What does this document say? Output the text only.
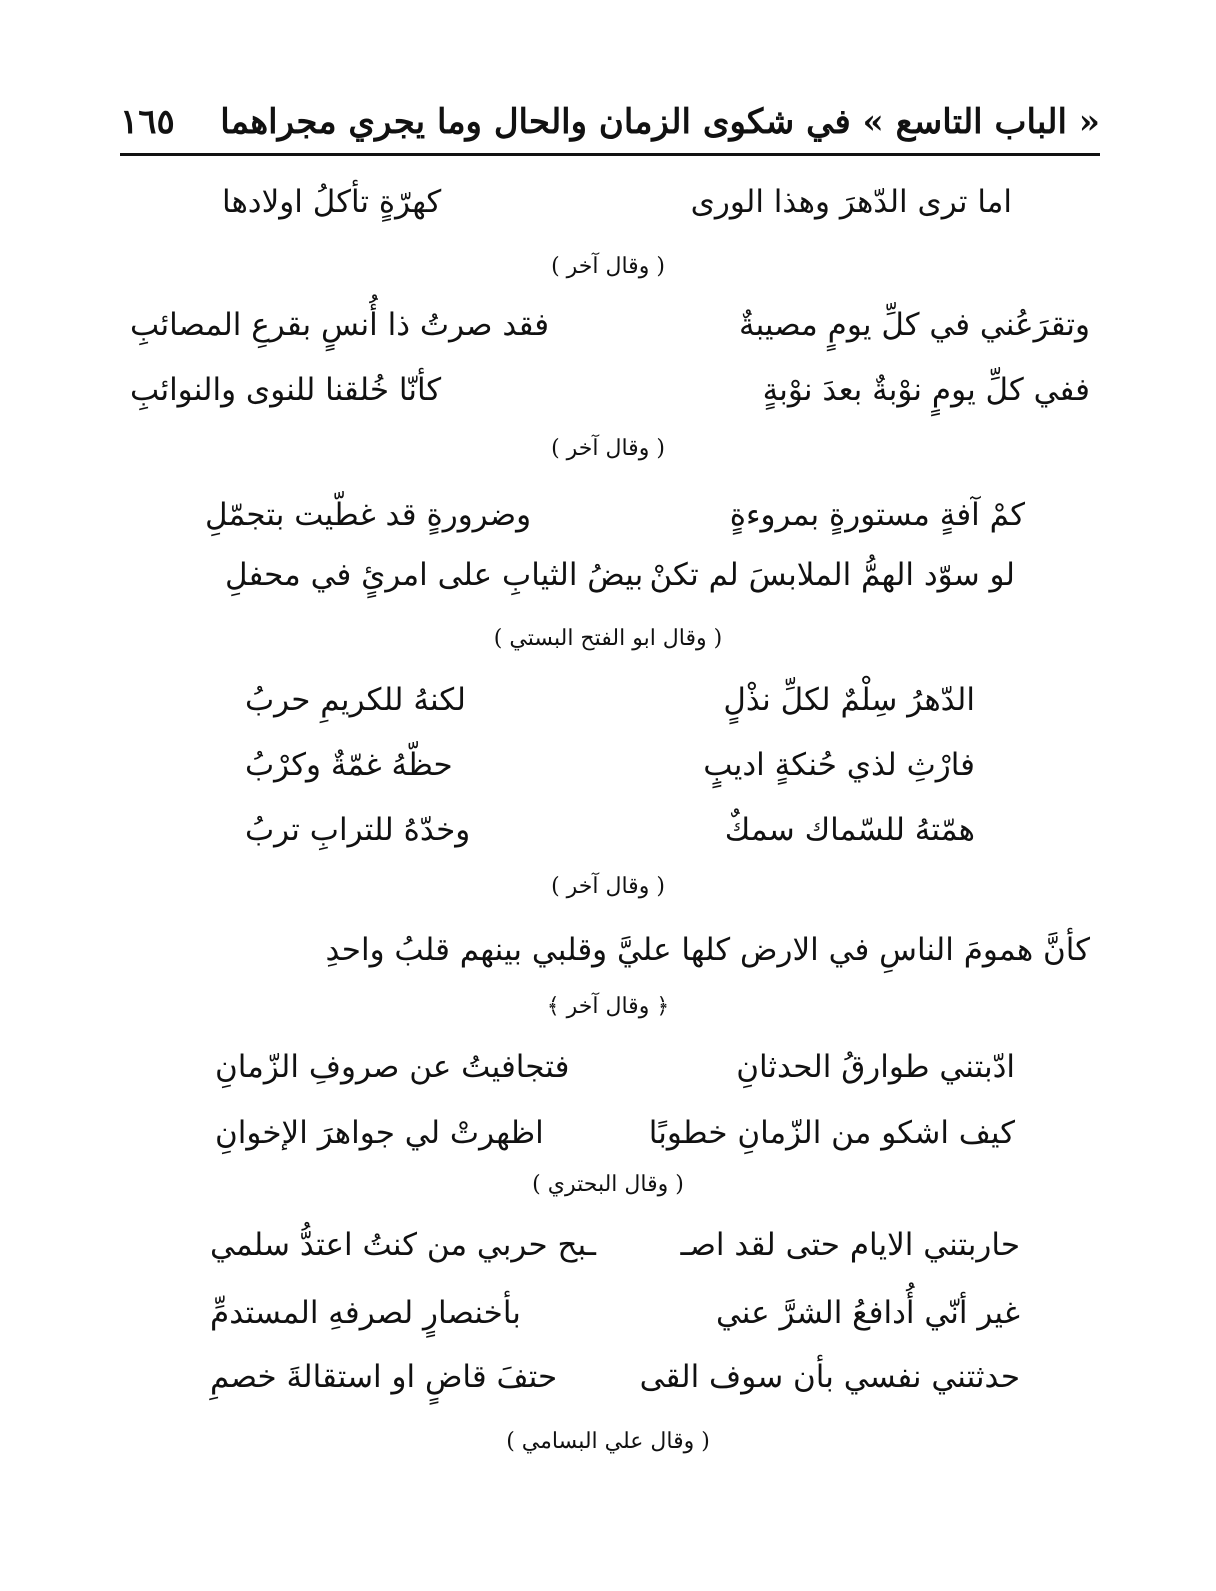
« الباب التاسع » في شكوى الزمان والحال وما يجري مجراهما
١٦٥
اما ترى الدّهرَ وهذا الورى
كهرّةٍ تأكلُ اولادها
( وقال آخر )
وتقرَعُني في كلِّ يومٍ مصيبةٌ
فقد صرتُ ذا أُنسٍ بقرعِ المصائبِ
ففي كلِّ يومٍ نوْبةٌ بعدَ نوْبةٍ
كأنّا خُلقنا للنوى والنوائبِ
( وقال آخر )
كمْ آفةٍ مستورةٍ بمروءةٍ
وضرورةٍ قد غطّيت بتجمّلِ
لو سوّد الهمُّ الملابسَ لم تكنْ
بيضُ الثيابِ على امرئٍ في محفلِ
( وقال ابو الفتح البستي )
الدّهرُ سِلْمٌ لكلِّ نذْلٍ
لكنهُ للكريمِ حربُ
فارْثِ لذي حُنكةٍ اديبٍ
حظّهُ غمّةٌ وكرْبُ
همّتهُ للسّماك سمكٌ
وخدّهُ للترابِ تربُ
( وقال آخر )
كأنَّ همومَ الناسِ في الارض كلها عليَّ وقلبي بينهم قلبُ واحدِ
﴿ وقال آخر ﴾
ادّبتني طوارقُ الحدثانِ
فتجافيتُ عن صروفِ الزّمانِ
كيف اشكو من الزّمانِ خطوبًا
اظهرتْ لي جواهرَ الإخوانِ
( وقال البحتري )
حاربتني الايام حتى لقد اصـ
ـبح حربي من كنتُ اعتدُّ سلمي
غير أنّي أُدافعُ الشرَّ عني
بأخنصارٍ لصرفهِ المستدمِّ
حدثتني نفسي بأن سوف القى
حتفَ قاضٍ او استقالةَ خصمِ
( وقال علي البسامي )
